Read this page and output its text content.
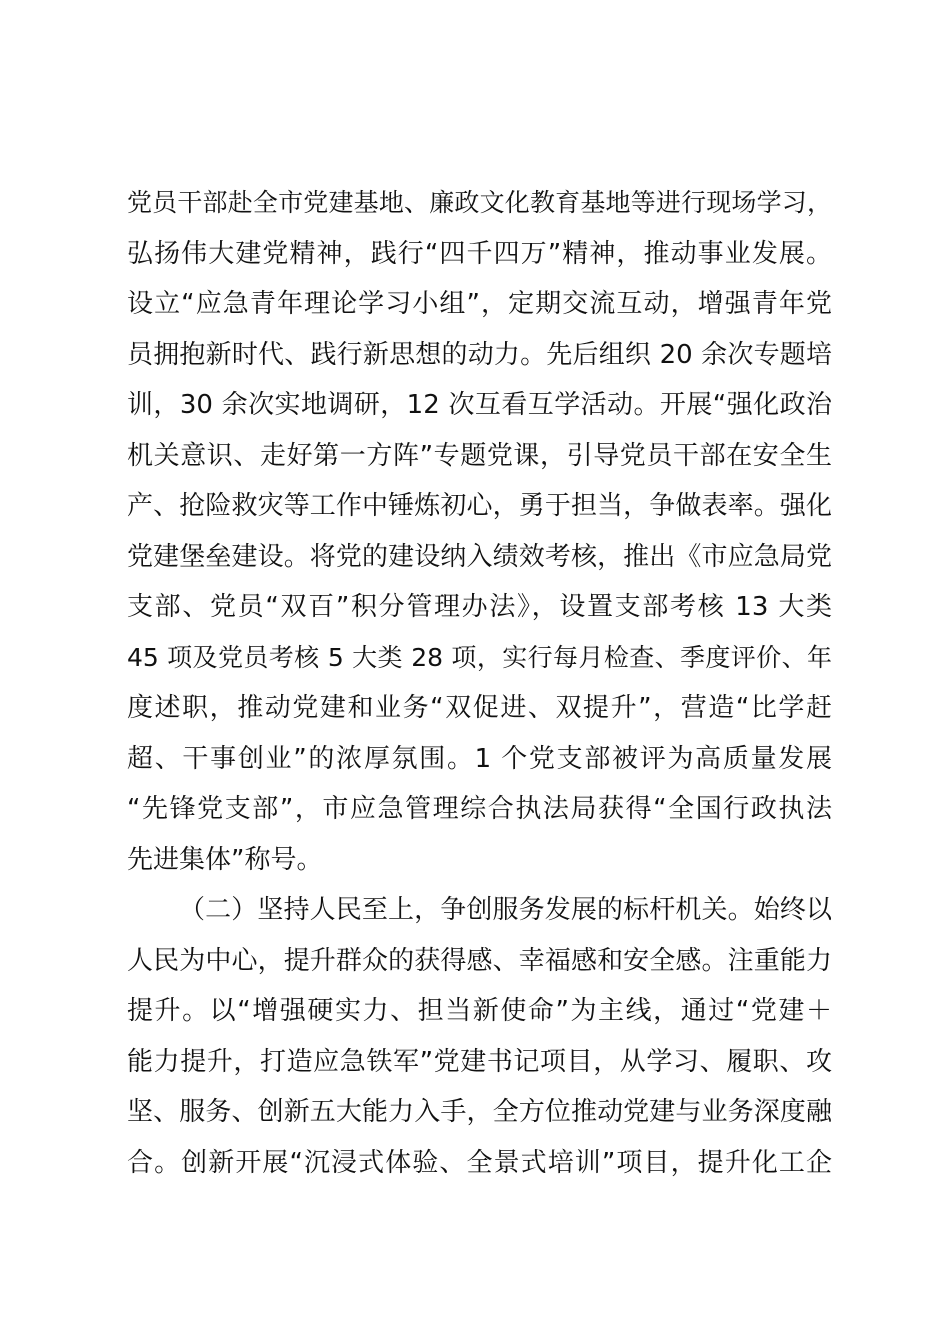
党员干部赴全市党建基地、廉政文化教育基地等进行现场学习，
弘扬伟大建党精神，践行“四千四万”精神，推动事业发展。
设立“应急青年理论学习小组”，定期交流互动，增强青年党
员拥抱新时代、践行新思想的动力。先后组织 20 余次专题培
训，30 余次实地调研，12 次互看互学活动。开展“强化政治
机关意识、走好第一方阵”专题党课，引导党员干部在安全生
产、抢险救灾等工作中锤炼初心，勇于担当，争做表率。强化
党建堡垒建设。将党的建设纳入绩效考核，推出《市应急局党
支部、党员“双百”积分管理办法》，设置支部考核 13 大类
45 项及党员考核 5 大类 28 项，实行每月检查、季度评价、年
度述职，推动党建和业务“双促进、双提升”，营造“比学赶
超、干事创业”的浓厚氛围。1 个党支部被评为高质量发展
“先锋党支部”，市应急管理综合执法局获得“全国行政执法
先进集体”称号。
（二）坚持人民至上，争创服务发展的标杆机关。始终以
人民为中心，提升群众的获得感、幸福感和安全感。注重能力
提升。以“增强硬实力、担当新使命”为主线，通过“党建＋
能力提升，打造应急铁军”党建书记项目，从学习、履职、攻
坚、服务、创新五大能力入手，全方位推动党建与业务深度融
合。创新开展“沉浸式体验、全景式培训”项目，提升化工企
